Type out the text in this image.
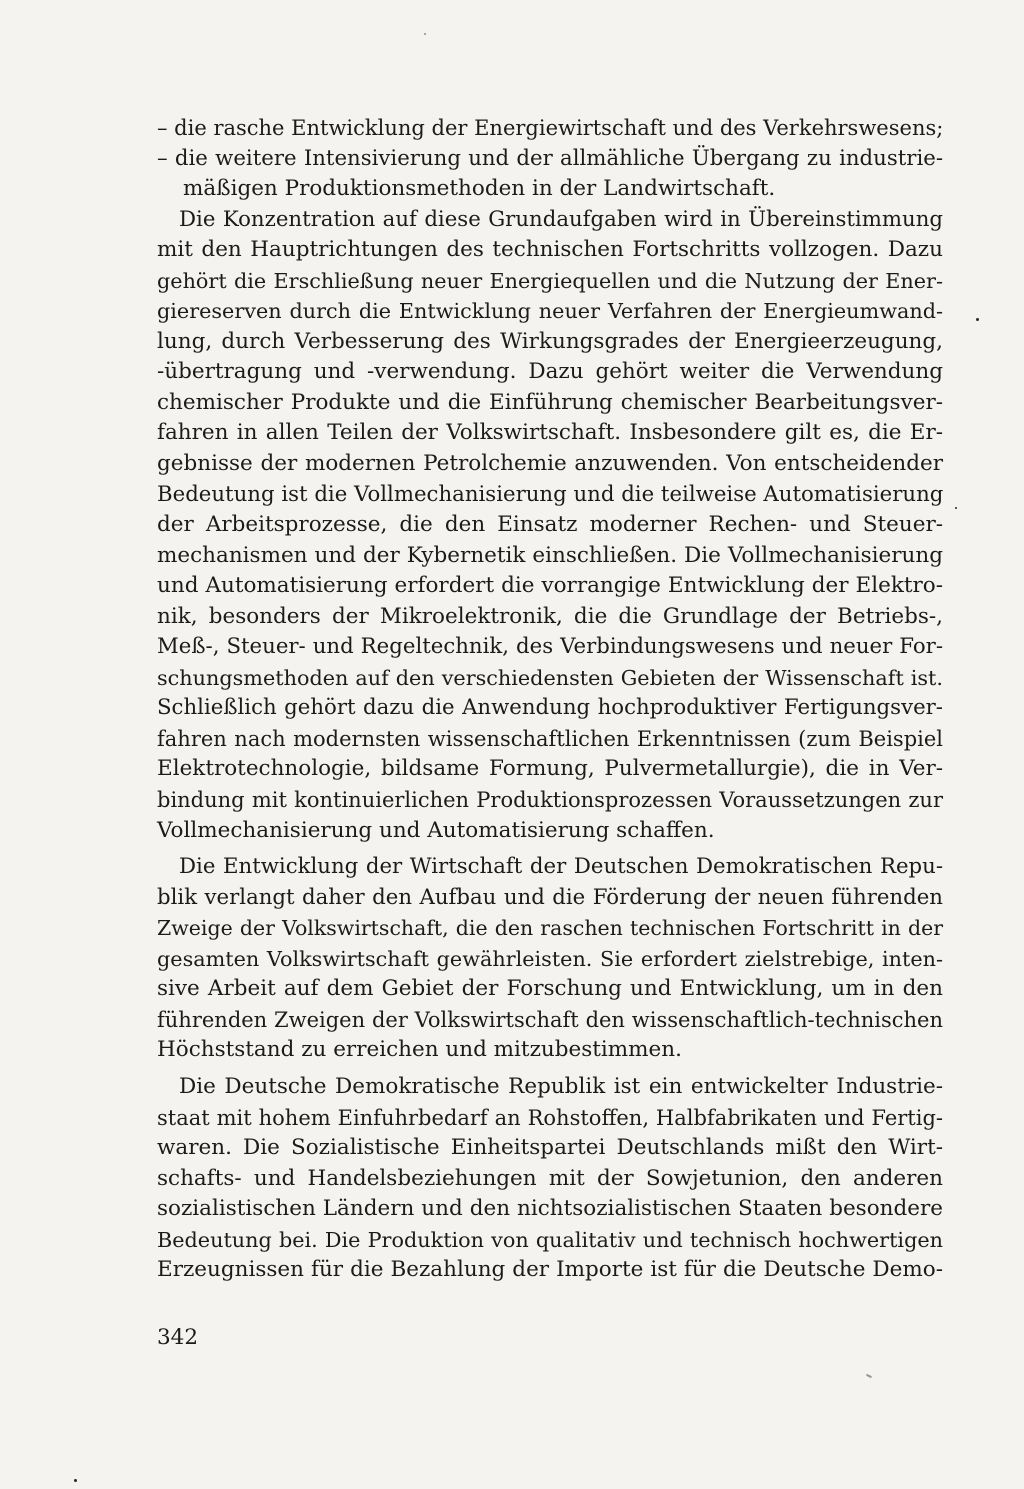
– die rasche Entwicklung der Energiewirtschaft und des Verkehrswesens;
– die weitere Intensivierung und der allmähliche Übergang zu industrie-
mäßigen Produktionsmethoden in der Landwirtschaft.
Die Konzentration auf diese Grundaufgaben wird in Übereinstimmung
mit den Hauptrichtungen des technischen Fortschritts vollzogen. Dazu
gehört die Erschließung neuer Energiequellen und die Nutzung der Ener-
giereserven durch die Entwicklung neuer Verfahren der Energieumwand-
lung, durch Verbesserung des Wirkungsgrades der Energieerzeugung,
-übertragung und -verwendung. Dazu gehört weiter die Verwendung
chemischer Produkte und die Einführung chemischer Bearbeitungsver-
fahren in allen Teilen der Volkswirtschaft. Insbesondere gilt es, die Er-
gebnisse der modernen Petrolchemie anzuwenden. Von entscheidender
Bedeutung ist die Vollmechanisierung und die teilweise Automatisierung
der Arbeitsprozesse, die den Einsatz moderner Rechen- und Steuer-
mechanismen und der Kybernetik einschließen. Die Vollmechanisierung
und Automatisierung erfordert die vorrangige Entwicklung der Elektro-
nik, besonders der Mikroelektronik, die die Grundlage der Betriebs-,
Meß-, Steuer- und Regeltechnik, des Verbindungswesens und neuer For-
schungsmethoden auf den verschiedensten Gebieten der Wissenschaft ist.
Schließlich gehört dazu die Anwendung hochproduktiver Fertigungsver-
fahren nach modernsten wissenschaftlichen Erkenntnissen (zum Beispiel
Elektrotechnologie, bildsame Formung, Pulvermetallurgie), die in Ver-
bindung mit kontinuierlichen Produktionsprozessen Voraussetzungen zur
Vollmechanisierung und Automatisierung schaffen.
Die Entwicklung der Wirtschaft der Deutschen Demokratischen Repu-
blik verlangt daher den Aufbau und die Förderung der neuen führenden
Zweige der Volkswirtschaft, die den raschen technischen Fortschritt in der
gesamten Volkswirtschaft gewährleisten. Sie erfordert zielstrebige, inten-
sive Arbeit auf dem Gebiet der Forschung und Entwicklung, um in den
führenden Zweigen der Volkswirtschaft den wissenschaftlich-technischen
Höchststand zu erreichen und mitzubestimmen.
Die Deutsche Demokratische Republik ist ein entwickelter Industrie-
staat mit hohem Einfuhrbedarf an Rohstoffen, Halbfabrikaten und Fertig-
waren. Die Sozialistische Einheitspartei Deutschlands mißt den Wirt-
schafts- und Handelsbeziehungen mit der Sowjetunion, den anderen
sozialistischen Ländern und den nichtsozialistischen Staaten besondere
Bedeutung bei. Die Produktion von qualitativ und technisch hochwertigen
Erzeugnissen für die Bezahlung der Importe ist für die Deutsche Demo-
342
